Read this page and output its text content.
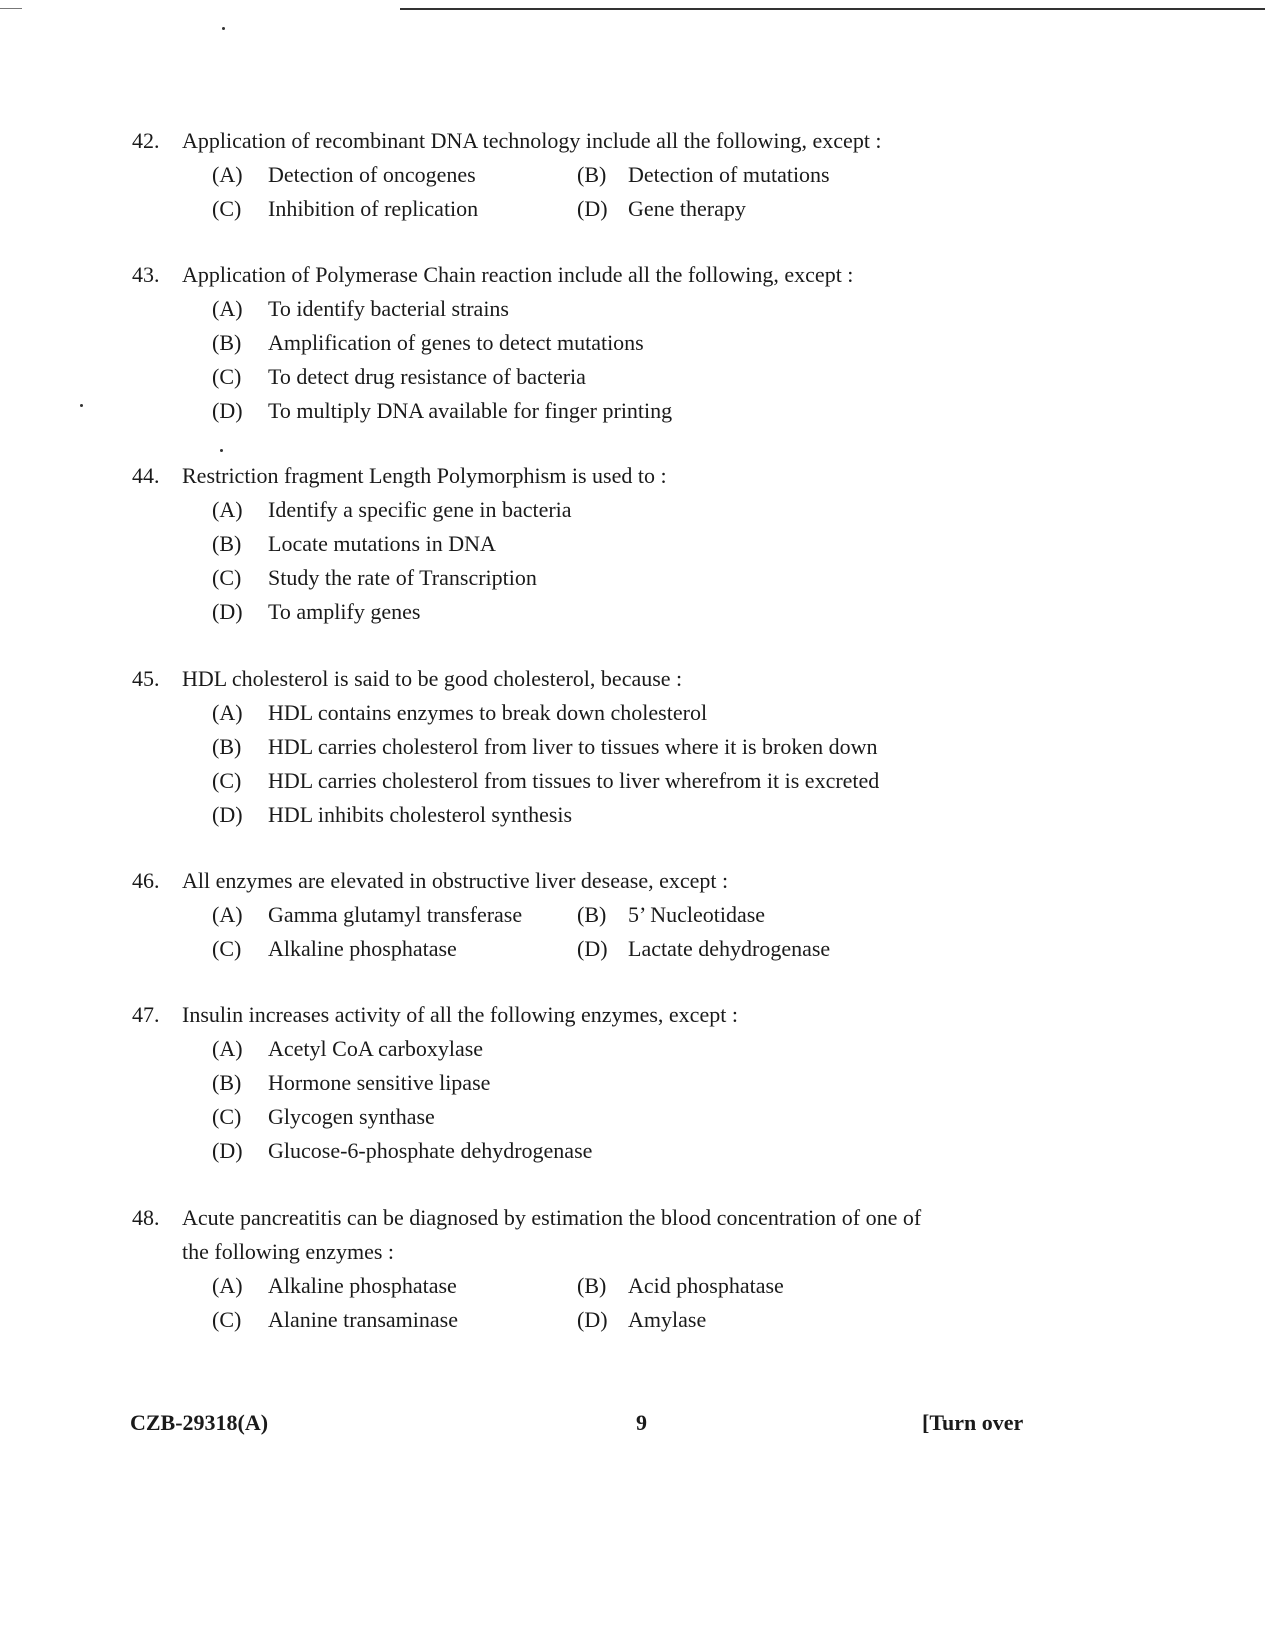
42. Application of recombinant DNA technology include all the following, except :
(A) Detection of oncogenes	(B) Detection of mutations
(C) Inhibition of replication	(D) Gene therapy
43. Application of Polymerase Chain reaction include all the following, except :
(A) To identify bacterial strains
(B) Amplification of genes to detect mutations
(C) To detect drug resistance of bacteria
(D) To multiply DNA available for finger printing
44. Restriction fragment Length Polymorphism is used to :
(A) Identify a specific gene in bacteria
(B) Locate mutations in DNA
(C) Study the rate of Transcription
(D) To amplify genes
45. HDL cholesterol is said to be good cholesterol, because :
(A) HDL contains enzymes to break down cholesterol
(B) HDL carries cholesterol from liver to tissues where it is broken down
(C) HDL carries cholesterol from tissues to liver wherefrom it is excreted
(D) HDL inhibits cholesterol synthesis
46. All enzymes are elevated in obstructive liver desease, except :
(A) Gamma glutamyl transferase (B) 5’ Nucleotidase
(C) Alkaline phosphatase	(D) Lactate dehydrogenase
47. Insulin increases activity of all the following enzymes, except :
(A) Acetyl CoA carboxylase
(B) Hormone sensitive lipase
(C) Glycogen synthase
(D) Glucose-6-phosphate dehydrogenase
48. Acute pancreatitis can be diagnosed by estimation the blood concentration of one of
the following enzymes :
(A) Alkaline phosphatase	(B) Acid phosphatase
(C) Alanine transaminase	(D) Amylase
CZB-29318(A)	9	[Turn over
